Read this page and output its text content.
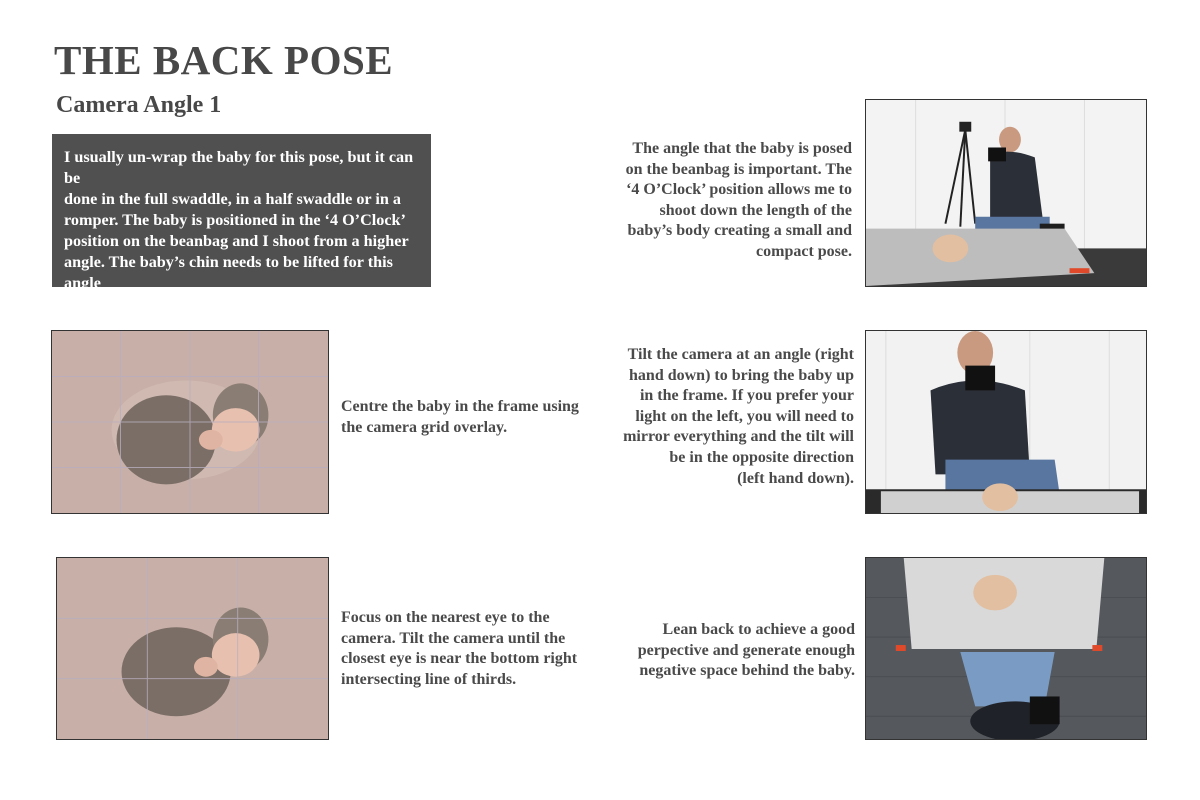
THE BACK POSE
Camera Angle 1

I usually un-wrap the baby for this pose, but it can be
done in the full swaddle, in a half swaddle or in a
romper. The baby is positioned in the ‘4 O’Clock’
position on the beanbag and I shoot from a higher
angle. The baby’s chin needs to be lifted for this angle
to work.

The angle that the baby is posed
on the beanbag is important. The
‘4 O’Clock’ position allows me to
shoot down the length of the
baby’s body creating a small and
compact pose.

Centre the baby in the frame using
the camera grid overlay.

Tilt the camera at an angle (right
hand down) to bring the baby up
in the frame. If you prefer your
light on the left, you will need to
mirror everything and the tilt will
be in the opposite direction
(left hand down).

Focus on the nearest eye to the
camera. Tilt the camera until the
closest eye is near the bottom right
intersecting line of thirds.

Lean back to achieve a good
perpective and generate enough
negative space behind the baby.
